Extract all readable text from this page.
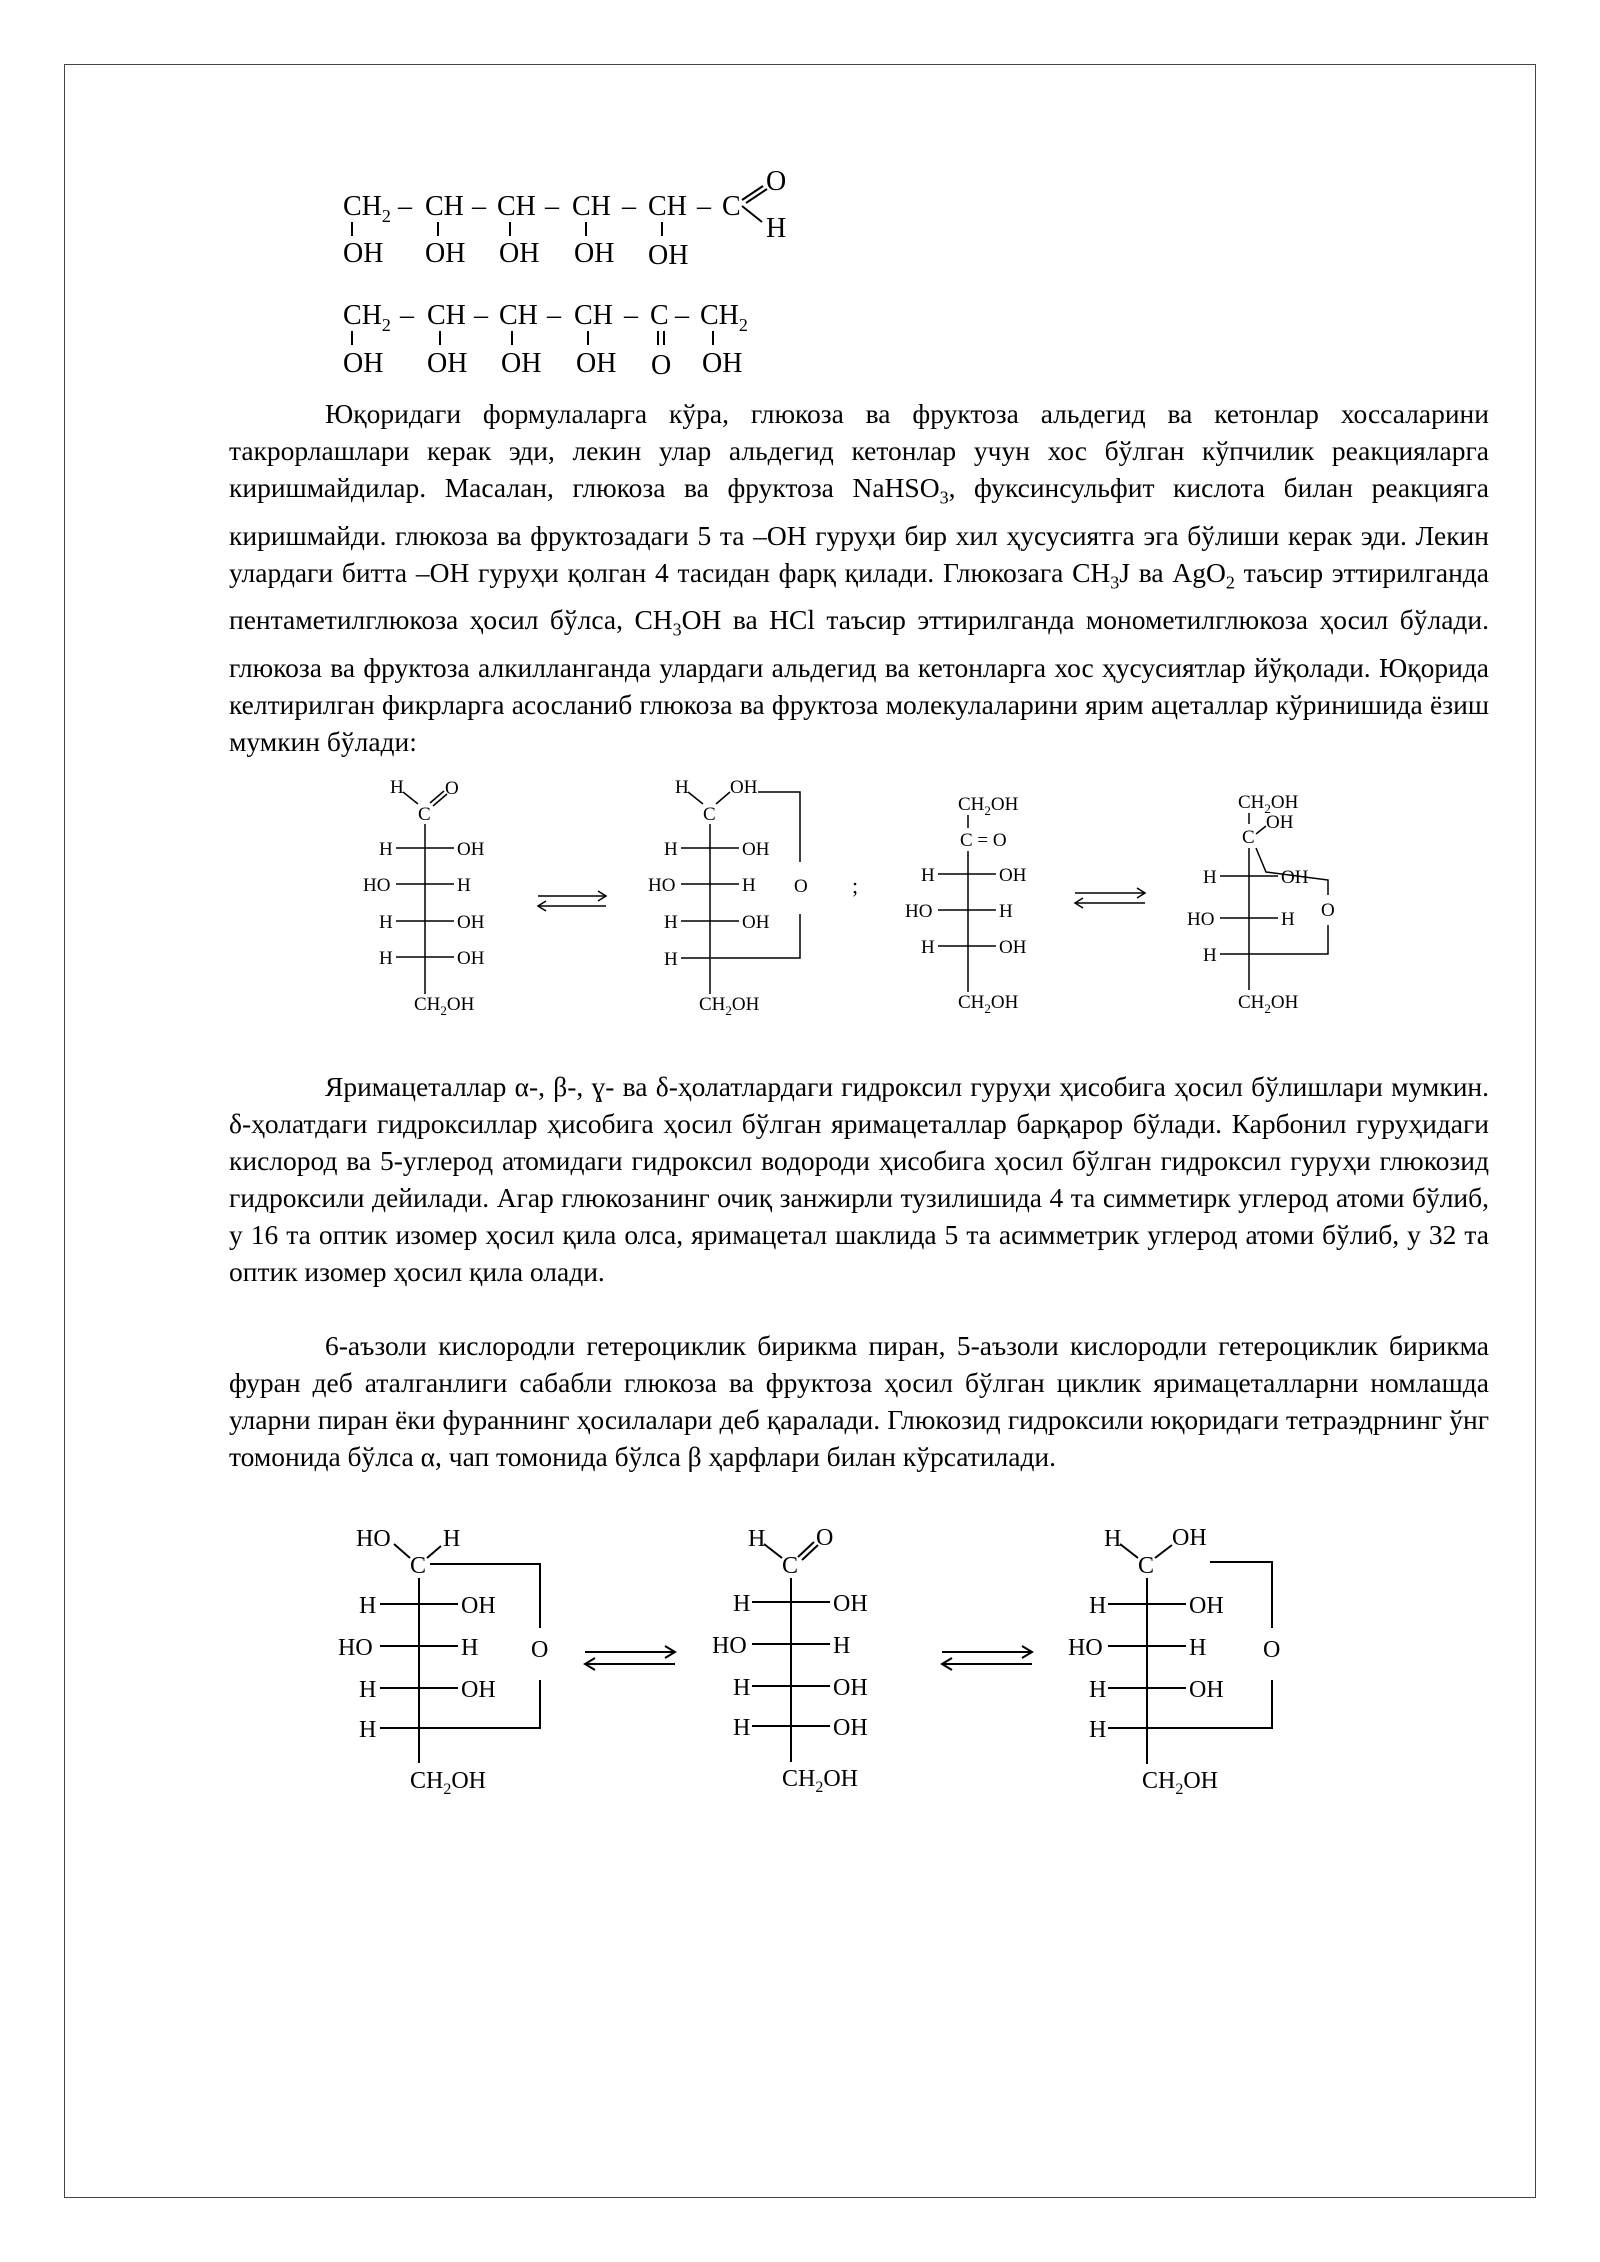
$CH_2$ – CH – CH – CH – CH – C
O
H
OH OH OH OH OH
$CH_2$ – CH – CH – CH – C – $CH_2$
OH OH OH OH O OH
H
C
O
H	OH
HO	H
H	OH
H	OH
$CH_2OH$
H
C
OH
O
H	OH
HO	H
H	OH
H
$CH_2OH$
;
$CH_2OH$
C = O
H	OH
HO	H
H	OH
$CH_2OH$
$CH_2OH$
C
OH
O
H	OH
HO	H
H
$CH_2OH$
HO
C
H
O
H	OH
HO	H
H	OH
H
$CH_2OH$
H
C
O
H	OH
HO	H
H	OH
H	OH
$CH_2OH$
H
C
OH
O
H	OH
HO	H
H	OH
H
$CH_2OH$

Юқоридаги формулаларга кўра, глюкоза ва фруктоза альдегид ва кетонлар хоссаларини такрорлашлари керак эди, лекин улар альдегид кетонлар учун хос бўлган кўпчилик реакцияларга киришмайдилар. Масалан, глюкоза ва фруктоза NaHSO$_3$, фуксинсульфит кислота билан реакцияга киришмайди. глюкоза ва фруктозадаги 5 та –OH гуруҳи бир хил ҳусусиятга эга бўлиши керак эди. Лекин улардаги битта –OH гуруҳи қолган 4 тасидан фарқ қилади. Глюкозага $CH_3J$ ва AgO$_2$ таъсир эттирилганда пентаметилглюкоза ҳосил бўлса, $CH_3OH$ ва HCl таъсир эттирилганда монометилглюкоза ҳосил бўлади. глюкоза ва фруктоза алкилланганда улардаги альдегид ва кетонларга хос ҳусусиятлар йўқолади. Юқорида келтирилган фикрларга асосланиб глюкоза ва фруктоза молекулаларини ярим ацеталлар кўринишида ёзиш мумкин бўлади:

Яримацеталлар α-, β-, ɣ- ва δ-ҳолатлардаги гидроксил гуруҳи ҳисобига ҳосил бўлишлари мумкин. δ-ҳолатдаги гидроксиллар ҳисобига ҳосил бўлган яримацеталлар барқарор бўлади. Карбонил гуруҳидаги кислород ва 5-углерод атомидаги гидроксил водороди ҳисобига ҳосил бўлган гидроксил гуруҳи глюкозид гидроксили дейилади. Агар глюкозанинг очиқ занжирли тузилишида 4 та симметирк углерод атоми бўлиб, у 16 та оптик изомер ҳосил қила олса, яримацетал шаклида 5 та асимметрик углерод атоми бўлиб, у 32 та оптик изомер ҳосил қила олади.

6-аъзоли кислородли гетероциклик бирикма пиран, 5-аъзоли кислородли гетероциклик бирикма фуран деб аталганлиги сабабли глюкоза ва фруктоза ҳосил бўлган циклик яримацеталларни номлашда уларни пиран ёки фураннинг ҳосилалари деб қаралади. Глюкозид гидроксили юқоридаги тетраэдрнинг ўнг томонида бўлса α, чап томонида бўлса β ҳарфлари билан кўрсатилади.
